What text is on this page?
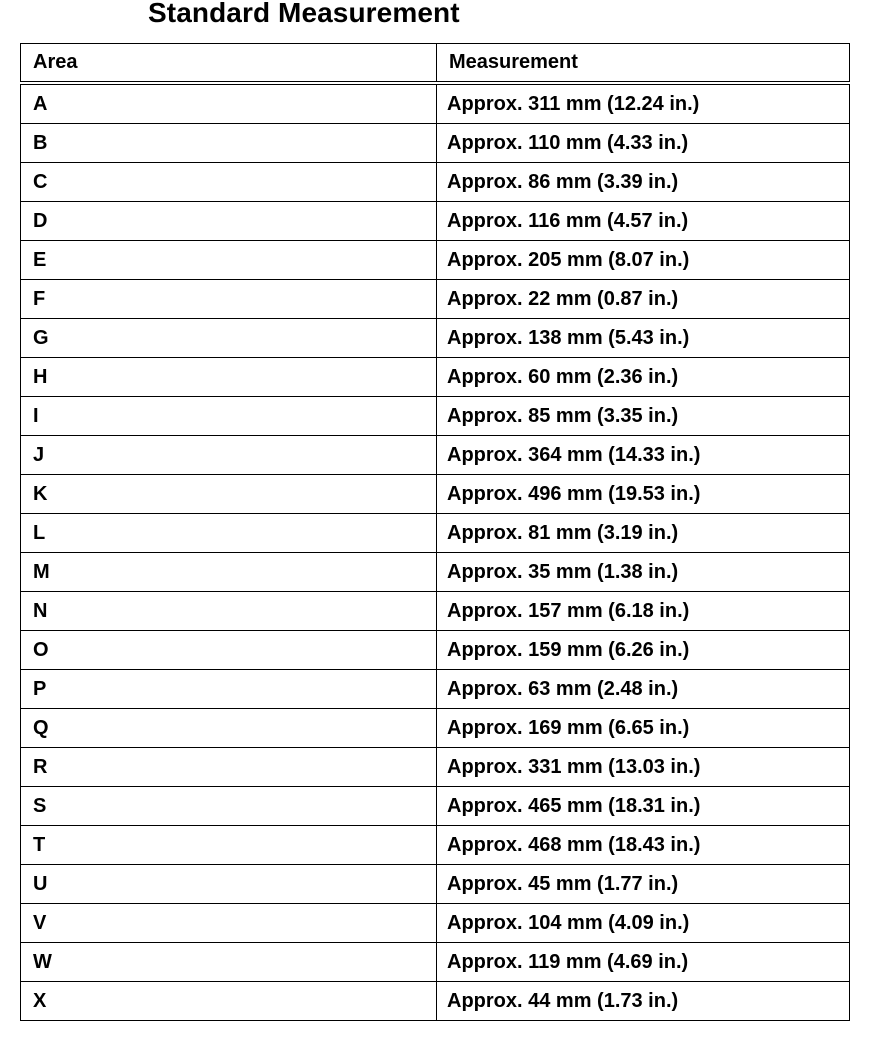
Standard Measurement
Area	Measurement
A	Approx. 311 mm (12.24 in.)
B	Approx. 110 mm (4.33 in.)
C	Approx. 86 mm (3.39 in.)
D	Approx. 116 mm (4.57 in.)
E	Approx. 205 mm (8.07 in.)
F	Approx. 22 mm (0.87 in.)
G	Approx. 138 mm (5.43 in.)
H	Approx. 60 mm (2.36 in.)
I	Approx. 85 mm (3.35 in.)
J	Approx. 364 mm (14.33 in.)
K	Approx. 496 mm (19.53 in.)
L	Approx. 81 mm (3.19 in.)
M	Approx. 35 mm (1.38 in.)
N	Approx. 157 mm (6.18 in.)
O	Approx. 159 mm (6.26 in.)
P	Approx. 63 mm (2.48 in.)
Q	Approx. 169 mm (6.65 in.)
R	Approx. 331 mm (13.03 in.)
S	Approx. 465 mm (18.31 in.)
T	Approx. 468 mm (18.43 in.)
U	Approx. 45 mm (1.77 in.)
V	Approx. 104 mm (4.09 in.)
W	Approx. 119 mm (4.69 in.)
X	Approx. 44 mm (1.73 in.)
